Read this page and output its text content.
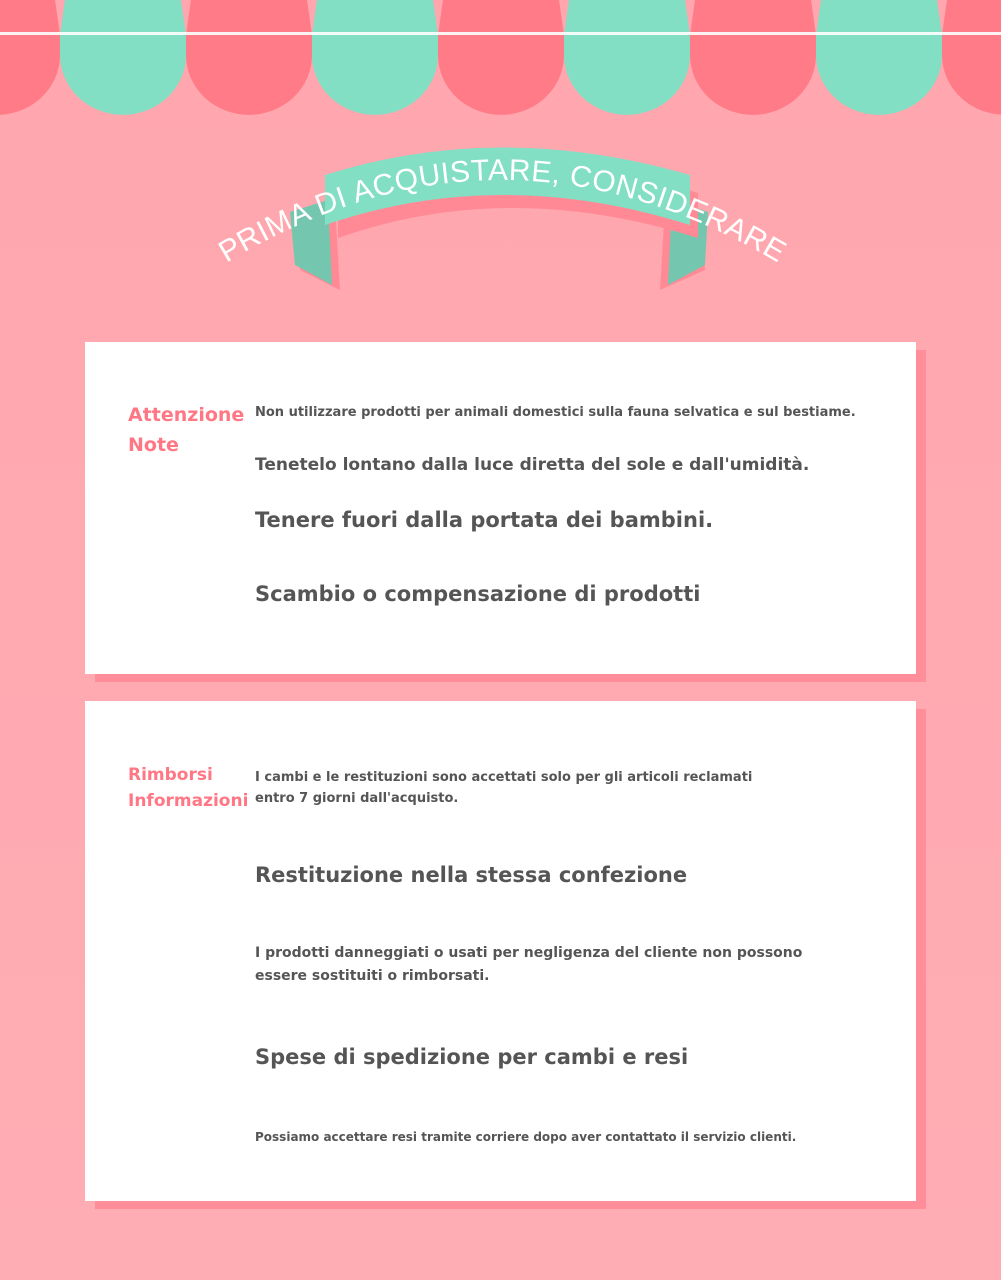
PRIMA DI ACQUISTARE, CONSIDERARE
Attenzione
Note
Non utilizzare prodotti per animali domestici sulla fauna selvatica e sul bestiame.
Tenetelo lontano dalla luce diretta del sole e dall'umidità.
Tenere fuori dalla portata dei bambini.
Scambio o compensazione di prodotti
Rimborsi
Informazioni
I cambi e le restituzioni sono accettati solo per gli articoli reclamati entro 7 giorni dall'acquisto.
Restituzione nella stessa confezione
I prodotti danneggiati o usati per negligenza del cliente non possono essere sostituiti o rimborsati.
Spese di spedizione per cambi e resi
Possiamo accettare resi tramite corriere dopo aver contattato il servizio clienti.
